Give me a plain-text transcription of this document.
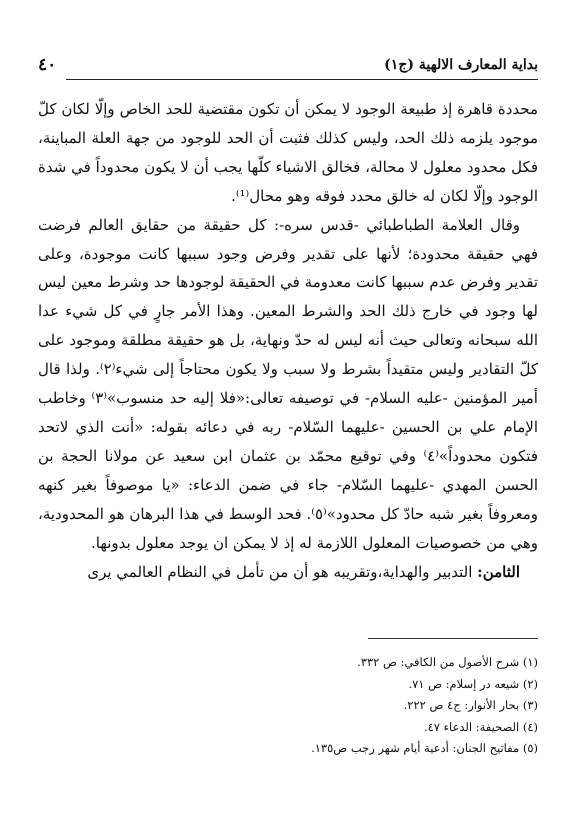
بداية المعارف الالهية (ج١)
٤٠

محددة قاهرة إذ طبيعة الوجود لا يمكن أن تكون مقتضية للحد الخاص وإلّا لكان كلّ موجود يلزمه ذلك الحد، وليس كذلك فثبت أن الحد للوجود من جهة العلة المباينة، فكل محدود معلول لا محالة، فخالق الاشياء كلّها يجب أن لا يكون محدوداً في شدة الوجود وإلّا لكان له خالق محدد فوقه وهو محال⁽¹⁾.

وقال العلامة الطباطبائي -قدس سره-: كل حقيقة من حقايق العالم فرضت فهي حقيقة محدودة؛ لأنها على تقدير وفرض وجود سببها كانت موجودة، وعلى تقدير وفرض عدم سببها كانت معدومة في الحقيقة لوجودها حد وشرط معين ليس لها وجود في خارج ذلك الحد والشرط المعين. وهذا الأمر جارٍ في كل شيء عدا الله سبحانه وتعالى حيث أنه ليس له حدّ ونهاية، بل هو حقيقة مطلقة وموجود على كلّ التقادير وليس متقيداً بشرط ولا سبب ولا يكون محتاجاً إلى شيء⁽٢⁾. ولذا قال أمير المؤمنين -عليه السلام- في توصيفه تعالى:«فلا إليه حد منسوب»⁽٣⁾ وخاطب الإمام علي بن الحسين -عليهما السّلام- ربه في دعائه بقوله: «أنت الذي لاتحد فتكون محدوداً»⁽٤⁾ وفي توقيع محمّد بن عثمان ابن سعيد عن مولانا الحجة بن الحسن المهدي -عليهما السّلام- جاء في ضمن الدعاء: «يا موصوفاً بغير كنهه ومعروفاً بغير شبه حادّ كل محدود»⁽٥⁾. فحد الوسط في هذا البرهان هو المحدودية، وهي من خصوصيات المعلول اللازمة له إذ لا يمكن ان يوجد معلول بدونها.

الثامن: التدبير والهداية،وتقريبه هو أن من تأمل في النظام العالمي يرى

(١) شرح الأصول من الكافي: ص ٣٣٢.
(٢) شيعه در إسلام: ص ٧١.
(٣) بحار الأنوار: ج٤ ص ٢٢٢.
(٤) الصحيفة: الدعاء ٤٧.
(٥) مفاتيح الجنان: أدعية أيام شهر رجب ص١٣٥.
